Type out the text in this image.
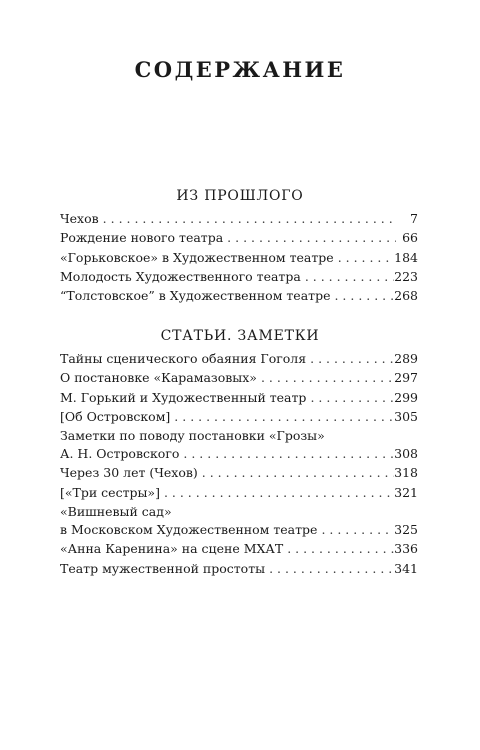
СОДЕРЖАНИЕ
ИЗ ПРОШЛОГО
Чехов . . .	7
Рождение нового театра . . .	66
«Горьковское» в Художественном театре . . .	184
Молодость Художественного театра . . .	223
“Толстовское” в Художественном театре . . .	268
СТАТЬИ. ЗАМЕТКИ
Тайны сценического обаяния Гоголя . . .	289
О постановке «Карамазовых» . . .	297
М. Горький и Художественный театр . . .	299
[Об Островском] . . .	305
Заметки по поводу постановки «Грозы»
А. Н. Островского . . .	308
Через 30 лет (Чехов) . . .	318
[«Три сестры»] . . .	321
«Вишневый сад»
в Московском Художественном театре . . .	325
«Анна Каренина» на сцене МХАТ . . .	336
Театр мужественной простоты . . .	341
